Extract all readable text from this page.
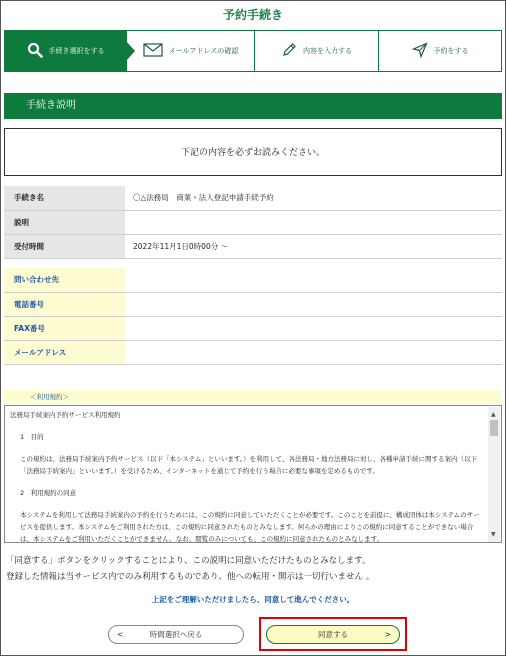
予約手続き
手続き選択をする	メールアドレスの確認	内容を入力する	予約をする
手続き説明
下記の内容を必ずお読みください。
手続き名	〇△法務局　商業・法人登記申請手続予約
説明	
受付時間	2022年11月1日0時00分 ～
問い合わせ先	
電話番号	
FAX番号	
メールアドレス	
＜利用規約＞

法務局手続案内予約サービス利用規約

1　目的

この規約は、法務局手続案内予約サービス（以下「本システム」といいます。）を利用して、各法務局・地方法務局に対し、各種申請手続に関する案内（以下「法務局手続案内」といいます。）を受けるため、インターネットを通じて予約を行う場合に必要な事項を定めるものです。

2　利用規約の同意

本システムを利用して法務局手続案内の予約を行うためには、この規約に同意していただくことが必要です。このことを前提に、構成団体は本システムのサービスを提供します。本システムをご利用された方は、この規約に同意されたものとみなします。何らかの理由によりこの規約に同意することができない場合は、本システムをご利用いただくことができません。なお、閲覧のみについても、この規約に同意されたものとみなします。

▲
▼
「同意する」ボタンをクリックすることにより、この説明に同意いただけたものとみなします。
登録した情報は当サービス内でのみ利用するものであり、他への転用・開示は一切行いません 。
上記をご理解いただけましたら、同意して進んでください。
<	時間選択へ戻る	同意する	>
